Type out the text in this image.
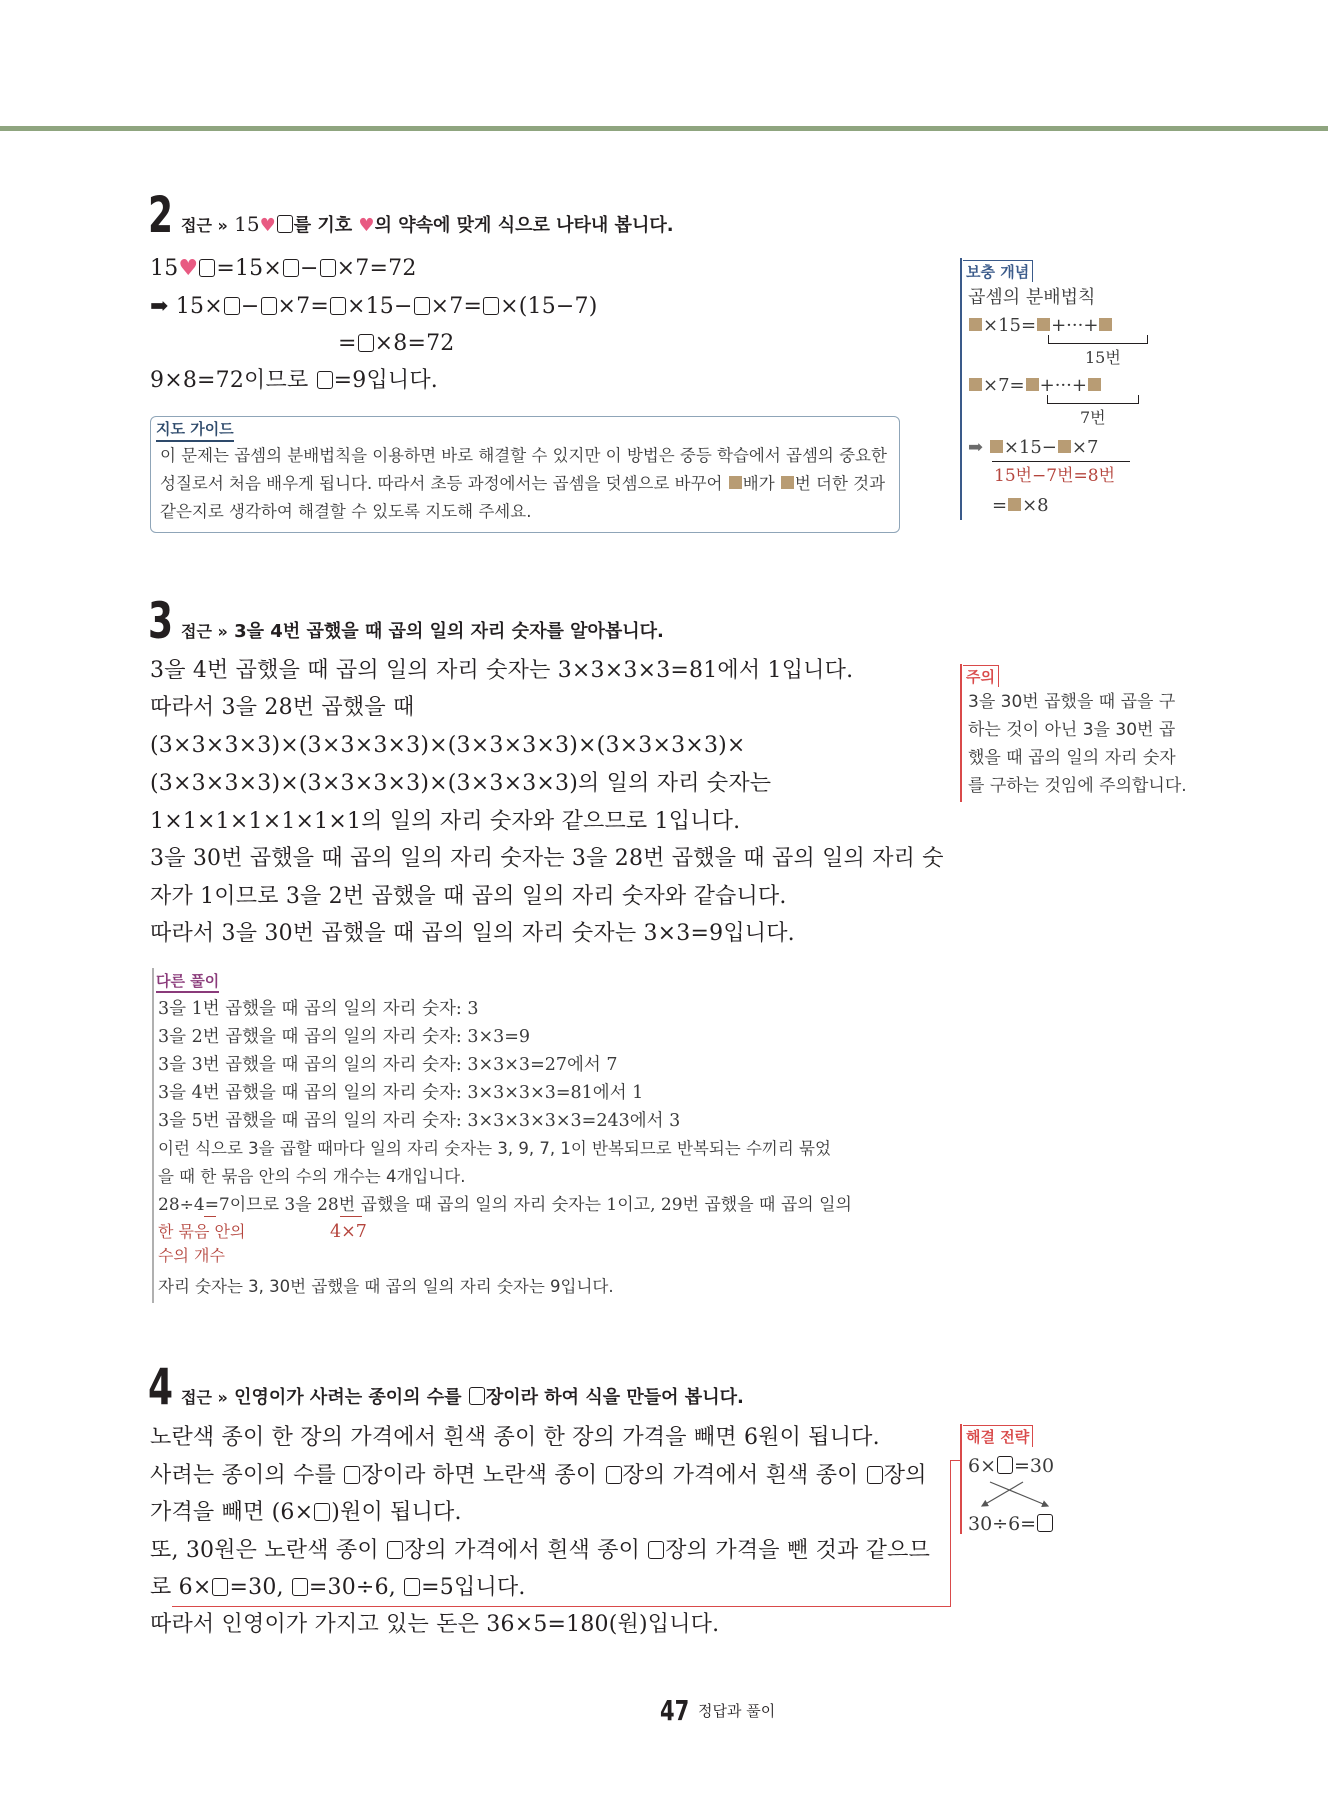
2 접근 » 15♥ 를 기호 ♥의 약속에 맞게 식으로 나타내 봅니다.
15♥ =15× − ×7=72
➡ 15× − ×7= ×15− ×7= ×(15−7)
= ×8=72
9×8=72이므로 =9입니다.
지도 가이드
이 문제는 곱셈의 분배법칙을 이용하면 바로 해결할 수 있지만 이 방법은 중등 학습에서 곱셈의 중요한 성질로서 처음 배우게 됩니다. 따라서 초등 과정에서는 곱셈을 덧셈으로 바꾸어 배가 번 더한 것과 같은지로 생각하여 해결할 수 있도록 지도해 주세요.
보충 개념
곱셈의 분배법칙
×15= +···+
15번
×7= +···+
7번
➡ ×15− ×7
15번−7번=8번
= ×8
3 접근 » 3을 4번 곱했을 때 곱의 일의 자리 숫자를 알아봅니다.
3을 4번 곱했을 때 곱의 일의 자리 숫자는 3×3×3×3=81에서 1입니다.
따라서 3을 28번 곱했을 때
(3×3×3×3)×(3×3×3×3)×(3×3×3×3)×(3×3×3×3)×
(3×3×3×3)×(3×3×3×3)×(3×3×3×3)의 일의 자리 숫자는
1×1×1×1×1×1×1의 일의 자리 숫자와 같으므로 1입니다.
3을 30번 곱했을 때 곱의 일의 자리 숫자는 3을 28번 곱했을 때 곱의 일의 자리 숫
자가 1이므로 3을 2번 곱했을 때 곱의 일의 자리 숫자와 같습니다.
따라서 3을 30번 곱했을 때 곱의 일의 자리 숫자는 3×3=9입니다.
주의
3을 30번 곱했을 때 곱을 구
하는 것이 아닌 3을 30번 곱
했을 때 곱의 일의 자리 숫자
를 구하는 것임에 주의합니다.
다른 풀이
3을 1번 곱했을 때 곱의 일의 자리 숫자: 3
3을 2번 곱했을 때 곱의 일의 자리 숫자: 3×3=9
3을 3번 곱했을 때 곱의 일의 자리 숫자: 3×3×3=27에서 7
3을 4번 곱했을 때 곱의 일의 자리 숫자: 3×3×3×3=81에서 1
3을 5번 곱했을 때 곱의 일의 자리 숫자: 3×3×3×3×3=243에서 3
이런 식으로 3을 곱할 때마다 일의 자리 숫자는 3, 9, 7, 1이 반복되므로 반복되는 수끼리 묶었
을 때 한 묶음 안의 수의 개수는 4개입니다.
28÷4=7이므로 3을 28번 곱했을 때 곱의 일의 자리 숫자는 1이고, 29번 곱했을 때 곱의 일의
한 묶음 안의	4×7
수의 개수
자리 숫자는 3, 30번 곱했을 때 곱의 일의 자리 숫자는 9입니다.
4 접근 » 인영이가 사려는 종이의 수를 장이라 하여 식을 만들어 봅니다.
노란색 종이 한 장의 가격에서 흰색 종이 한 장의 가격을 빼면 6원이 됩니다.
사려는 종이의 수를 장이라 하면 노란색 종이 장의 가격에서 흰색 종이 장의
가격을 빼면 (6× )원이 됩니다.
또, 30원은 노란색 종이 장의 가격에서 흰색 종이 장의 가격을 뺀 것과 같으므
로 6× =30, =30÷6, =5입니다.
따라서 인영이가 가지고 있는 돈은 36×5=180(원)입니다.
해결 전략
6× =30
30÷6=
47 정답과 풀이
